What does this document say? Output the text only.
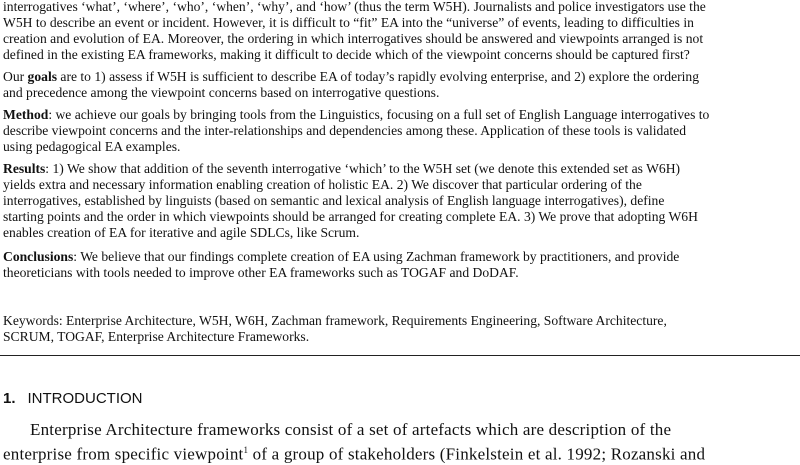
interrogatives ‘what’, ‘where’, ‘who’, ‘when’, ‘why’, and ‘how’ (thus the term W5H). Journalists and police investigators use the
W5H to describe an event or incident. However, it is difficult to “fit” EA into the “universe” of events, leading to difficulties in
creation and evolution of EA. Moreover, the ordering in which interrogatives should be answered and viewpoints arranged is not
defined in the existing EA frameworks, making it difficult to decide which of the viewpoint concerns should be captured first?
Our goals are to 1) assess if W5H is sufficient to describe EA of today’s rapidly evolving enterprise, and 2) explore the ordering
and precedence among the viewpoint concerns based on interrogative questions.
Method: we achieve our goals by bringing tools from the Linguistics, focusing on a full set of English Language interrogatives to
describe viewpoint concerns and the inter-relationships and dependencies among these. Application of these tools is validated
using pedagogical EA examples.
Results: 1) We show that addition of the seventh interrogative ‘which’ to the W5H set (we denote this extended set as W6H)
yields extra and necessary information enabling creation of holistic EA. 2) We discover that particular ordering of the
interrogatives, established by linguists (based on semantic and lexical analysis of English language interrogatives), define
starting points and the order in which viewpoints should be arranged for creating complete EA. 3) We prove that adopting W6H
enables creation of EA for iterative and agile SDLCs, like Scrum.
Conclusions: We believe that our findings complete creation of EA using Zachman framework by practitioners, and provide
theoreticians with tools needed to improve other EA frameworks such as TOGAF and DoDAF.
Keywords: Enterprise Architecture, W5H, W6H, Zachman framework, Requirements Engineering, Software Architecture,
SCRUM, TOGAF, Enterprise Architecture Frameworks.
1. INTRODUCTION
Enterprise Architecture frameworks consist of a set of artefacts which are description of the
enterprise from specific viewpoint$^1$ of a group of stakeholders (Finkelstein et al. 1992; Rozanski and
